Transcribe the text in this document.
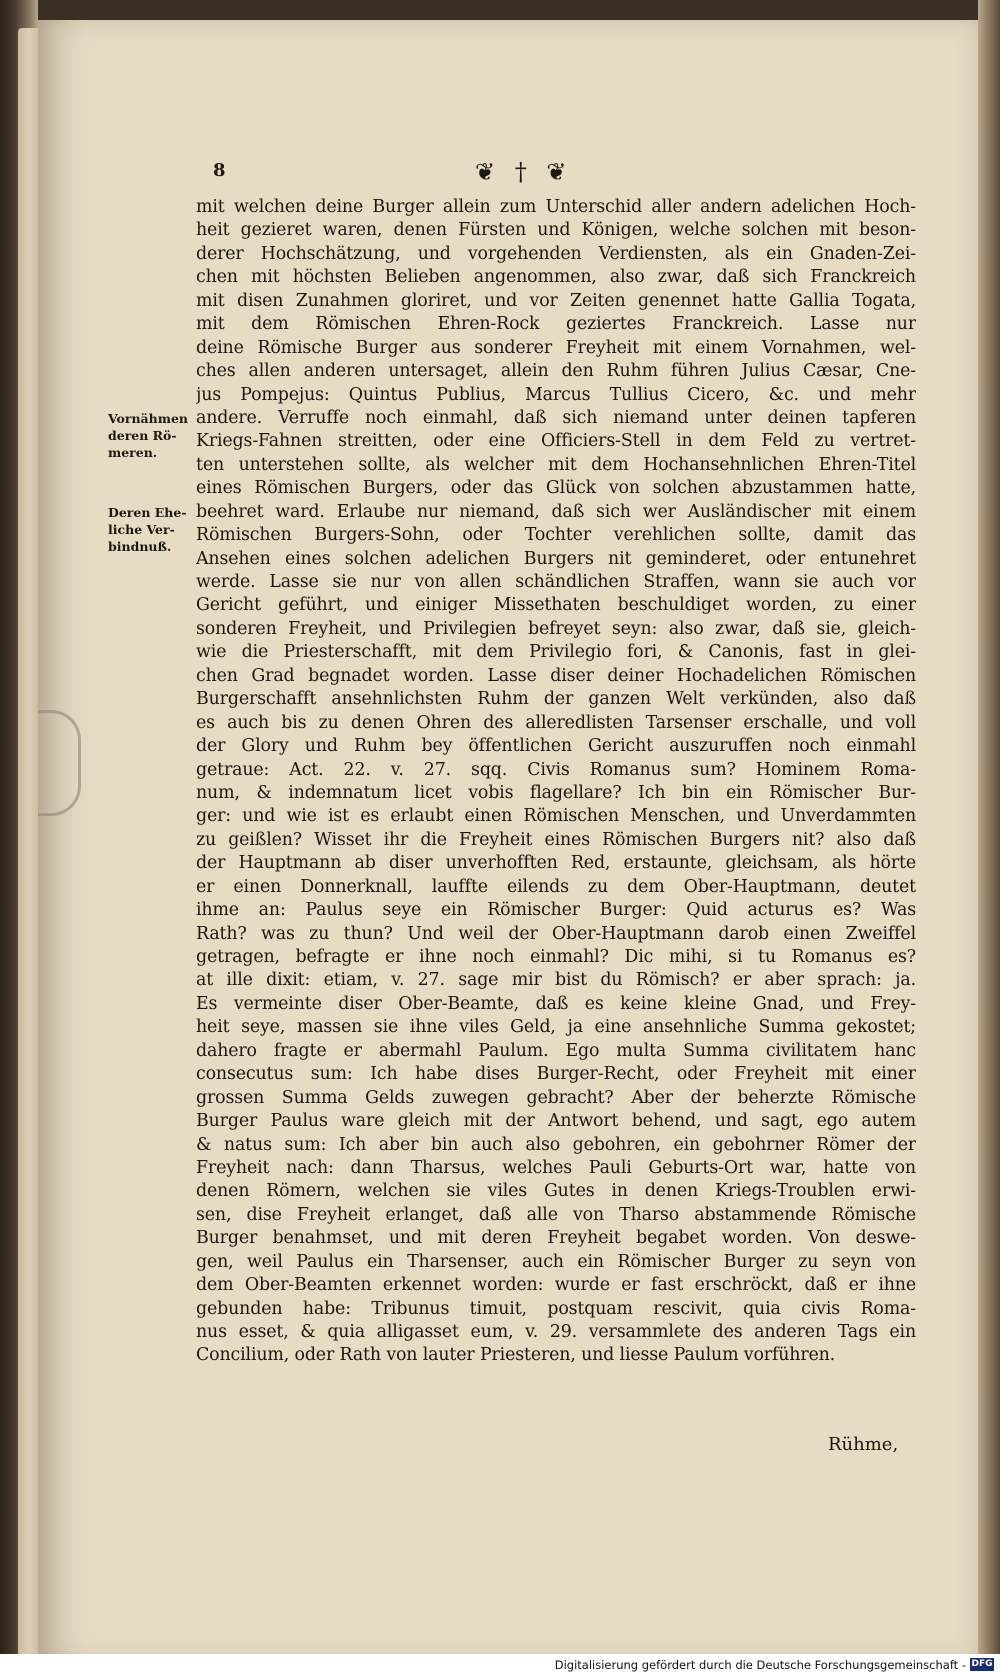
8	❦ † ❦
Vornähmen deren Rö-meren.
Deren Ehe-liche Ver-bindnuß.
mit welchen deine Burger allein zum Unterschid aller andern adelichen Hoch-
heit gezieret waren, denen Fürsten und Königen, welche solchen mit beson-
derer Hochschätzung, und vorgehenden Verdiensten, als ein Gnaden-Zei-
chen mit höchsten Belieben angenommen, also zwar, daß sich Franckreich
mit disen Zunahmen gloriret, und vor Zeiten genennet hatte Gallia Togata,
mit dem Römischen Ehren-Rock geziertes Franckreich. Lasse nur
deine Römische Burger aus sonderer Freyheit mit einem Vornahmen, wel-
ches allen anderen untersaget, allein den Ruhm führen Julius Cæsar, Cne-
jus Pompejus: Quintus Publius, Marcus Tullius Cicero, &c. und mehr
andere. Verruffe noch einmahl, daß sich niemand unter deinen tapferen
Kriegs-Fahnen streitten, oder eine Officiers-Stell in dem Feld zu vertret-
ten unterstehen sollte, als welcher mit dem Hochansehnlichen Ehren-Titel
eines Römischen Burgers, oder das Glück von solchen abzustammen hatte,
beehret ward. Erlaube nur niemand, daß sich wer Ausländischer mit einem
Römischen Burgers-Sohn, oder Tochter verehlichen sollte, damit das
Ansehen eines solchen adelichen Burgers nit geminderet, oder entunehret
werde. Lasse sie nur von allen schändlichen Straffen, wann sie auch vor
Gericht geführt, und einiger Missethaten beschuldiget worden, zu einer
sonderen Freyheit, und Privilegien befreyet seyn: also zwar, daß sie, gleich-
wie die Priesterschafft, mit dem Privilegio fori, & Canonis, fast in glei-
chen Grad begnadet worden. Lasse diser deiner Hochadelichen Römischen
Burgerschafft ansehnlichsten Ruhm der ganzen Welt verkünden, also daß
es auch bis zu denen Ohren des alleredlisten Tarsenser erschalle, und voll
der Glory und Ruhm bey öffentlichen Gericht auszuruffen noch einmahl
getraue: Act. 22. v. 27. sqq. Civis Romanus sum? Hominem Roma-
num, & indemnatum licet vobis flagellare? Ich bin ein Römischer Bur-
ger: und wie ist es erlaubt einen Römischen Menschen, und Unverdammten
zu geißlen? Wisset ihr die Freyheit eines Römischen Burgers nit? also daß
der Hauptmann ab diser unverhofften Red, erstaunte, gleichsam, als hörte
er einen Donnerknall, lauffte eilends zu dem Ober-Hauptmann, deutet
ihme an: Paulus seye ein Römischer Burger: Quid acturus es? Was
Rath? was zu thun? Und weil der Ober-Hauptmann darob einen Zweiffel
getragen, befragte er ihne noch einmahl? Dic mihi, si tu Romanus es?
at ille dixit: etiam, v. 27. sage mir bist du Römisch? er aber sprach: ja.
Es vermeinte diser Ober-Beamte, daß es keine kleine Gnad, und Frey-
heit seye, massen sie ihne viles Geld, ja eine ansehnliche Summa gekostet;
dahero fragte er abermahl Paulum. Ego multa Summa civilitatem hanc
consecutus sum: Ich habe dises Burger-Recht, oder Freyheit mit einer
grossen Summa Gelds zuwegen gebracht? Aber der beherzte Römische
Burger Paulus ware gleich mit der Antwort behend, und sagt, ego autem
& natus sum: Ich aber bin auch also gebohren, ein gebohrner Römer der
Freyheit nach: dann Tharsus, welches Pauli Geburts-Ort war, hatte von
denen Römern, welchen sie viles Gutes in denen Kriegs-Troublen erwi-
sen, dise Freyheit erlanget, daß alle von Tharso abstammende Römische
Burger benahmset, und mit deren Freyheit begabet worden. Von deswe-
gen, weil Paulus ein Tharsenser, auch ein Römischer Burger zu seyn von
dem Ober-Beamten erkennet worden: wurde er fast erschröckt, daß er ihne
gebunden habe: Tribunus timuit, postquam rescivit, quia civis Roma-
nus esset, & quia alligasset eum, v. 29. versammlete des anderen Tags ein
Concilium, oder Rath von lauter Priesteren, und liesse Paulum vorführen.
Rühme,
Digitalisierung gefördert durch die Deutsche Forschungsgemeinschaft - DFG
